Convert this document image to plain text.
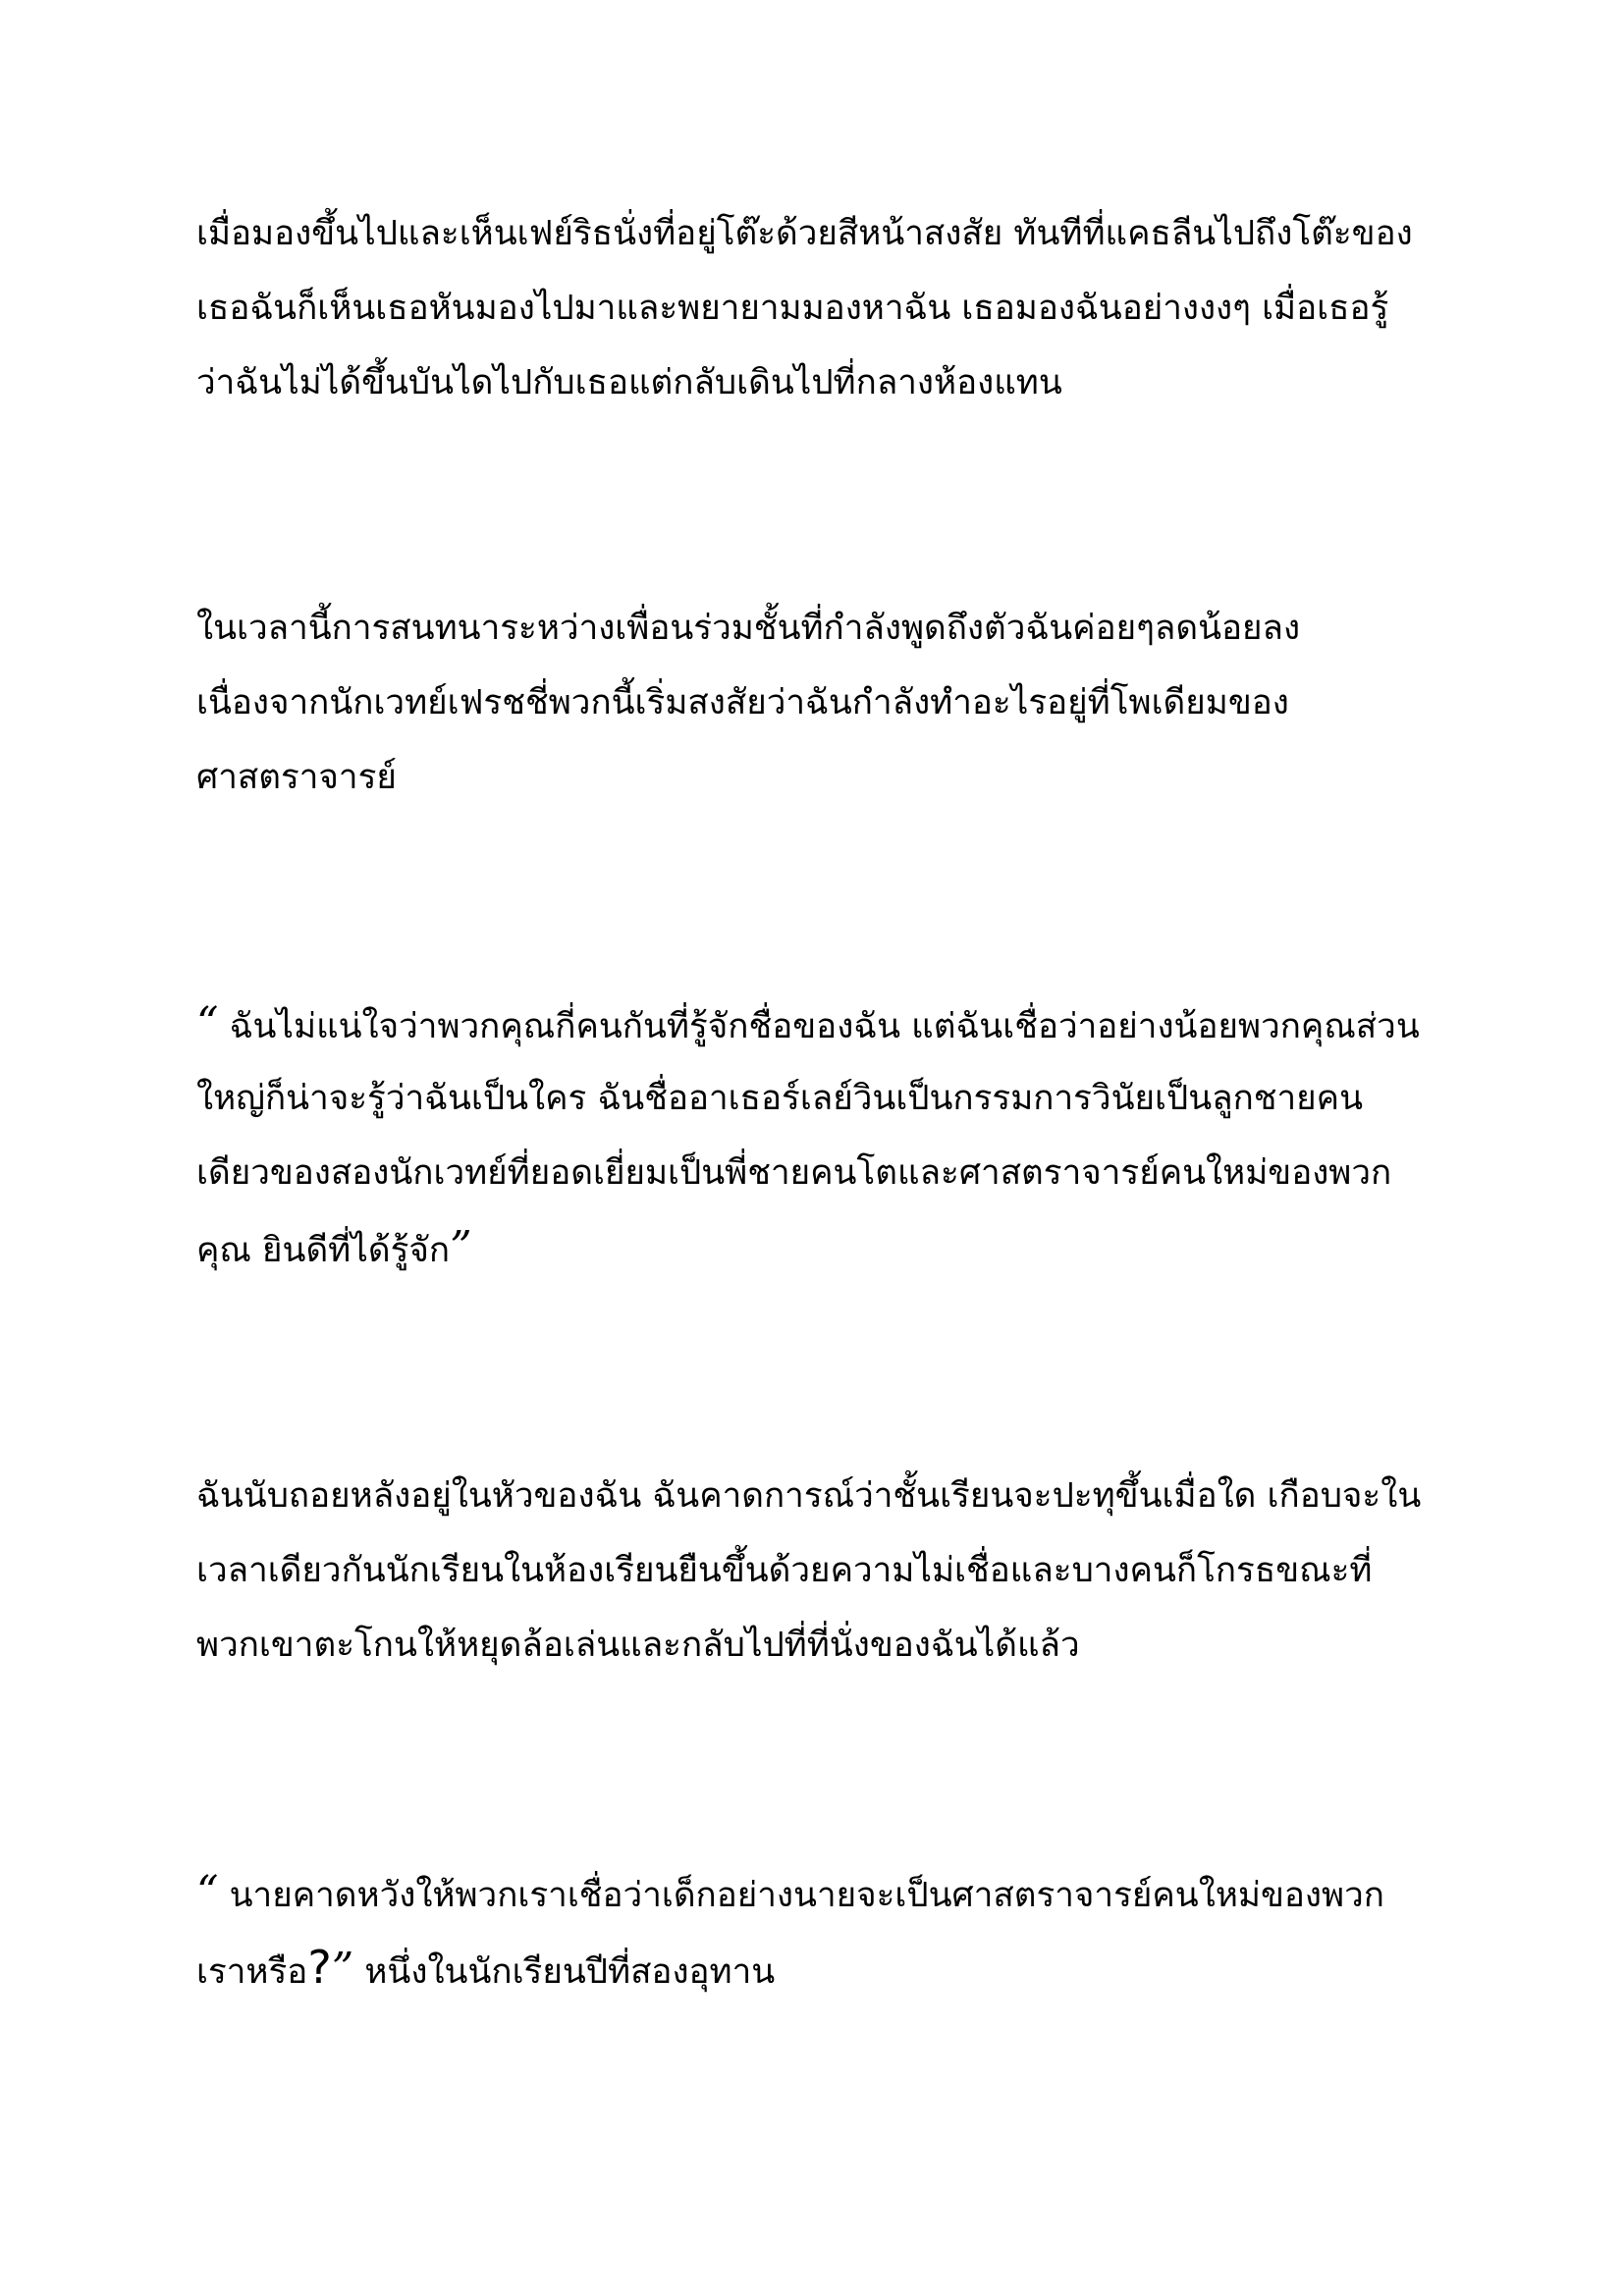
เมื่อมองขึ้นไปและเห็นเฟย์ริธนั่งที่อยู่โต๊ะด้วยสีหน้าสงสัย ทันทีที่แคธลีนไปถึงโต๊ะของ
เธอฉันก็เห็นเธอหันมองไปมาและพยายามมองหาฉัน เธอมองฉันอย่างงงๆ เมื่อเธอรู้
ว่าฉันไม่ได้ขึ้นบันไดไปกับเธอแต่กลับเดินไปที่กลางห้องแทน
ในเวลานี้การสนทนาระหว่างเพื่อนร่วมชั้นที่กำลังพูดถึงตัวฉันค่อยๆลดน้อยลง
เนื่องจากนักเวทย์เฟรชชี่พวกนี้เริ่มสงสัยว่าฉันกำลังทำอะไรอยู่ที่โพเดียมของ
ศาสตราจารย์
“ ฉันไม่แน่ใจว่าพวกคุณกี่คนกันที่รู้จักชื่อของฉัน แต่ฉันเชื่อว่าอย่างน้อยพวกคุณส่วน
ใหญ่ก็น่าจะรู้ว่าฉันเป็นใคร ฉันชื่ออาเธอร์เลย์วินเป็นกรรมการวินัยเป็นลูกชายคน
เดียวของสองนักเวทย์ที่ยอดเยี่ยมเป็นพี่ชายคนโตและศาสตราจารย์คนใหม่ของพวก
คุณ ยินดีที่ได้รู้จัก”
ฉันนับถอยหลังอยู่ในหัวของฉัน ฉันคาดการณ์ว่าชั้นเรียนจะปะทุขึ้นเมื่อใด เกือบจะใน
เวลาเดียวกันนักเรียนในห้องเรียนยืนขึ้นด้วยความไม่เชื่อและบางคนก็โกรธขณะที่
พวกเขาตะโกนให้หยุดล้อเล่นและกลับไปที่ที่นั่งของฉันได้แล้ว
“ นายคาดหวังให้พวกเราเชื่อว่าเด็กอย่างนายจะเป็นศาสตราจารย์คนใหม่ของพวก
เราหรือ?” หนึ่งในนักเรียนปีที่สองอุทาน
